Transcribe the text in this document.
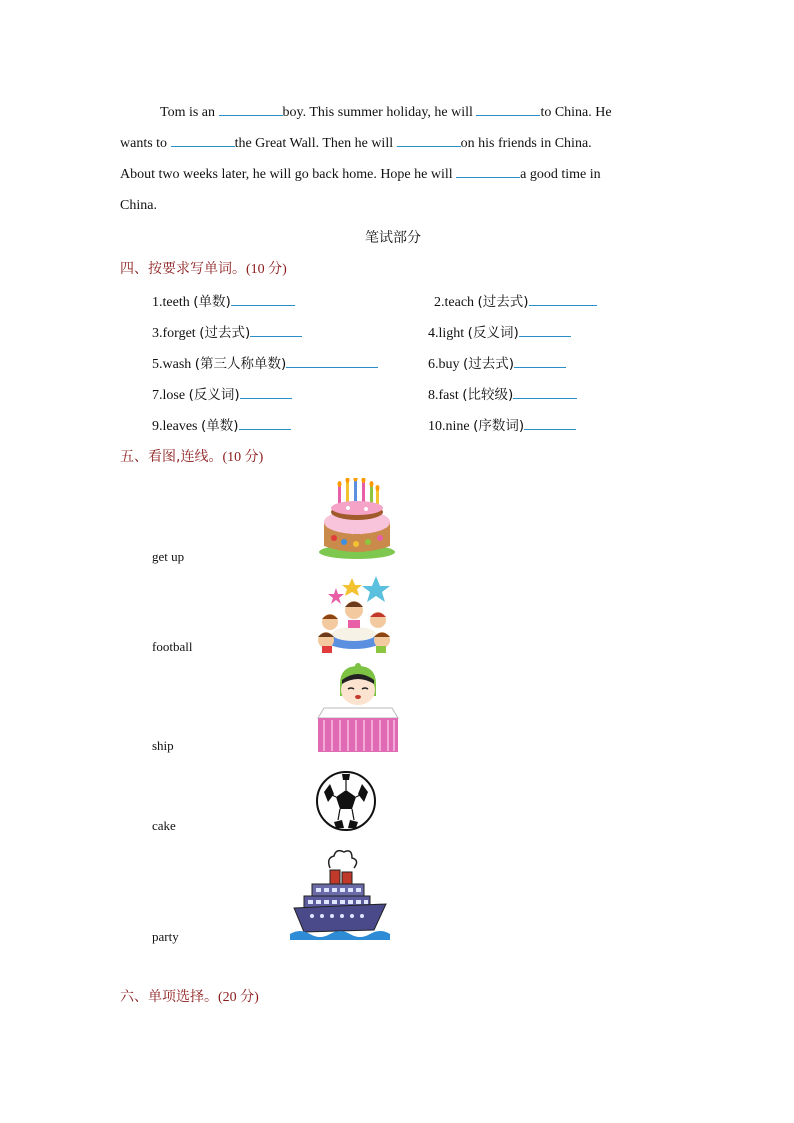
Tom is an	boy. This summer holiday, he will	to China. He
wants to	the Great Wall. Then he will	on his friends in China.
About two weeks later, he will go back home. Hope he will	a good time in
China.
笔试部分
四、按要求写单词。(10 分)
1.teeth (单数)	2.teach (过去式)
3.forget (过去式)	4.light (反义词)
5.wash (第三人称单数)	6.buy (过去式)
7.lose (反义词)	8.fast (比较级)
9.leaves (单数)	10.nine (序数词)
五、看图,连线。(10 分)
get up
football
ship
cake
party
六、单项选择。(20 分)
